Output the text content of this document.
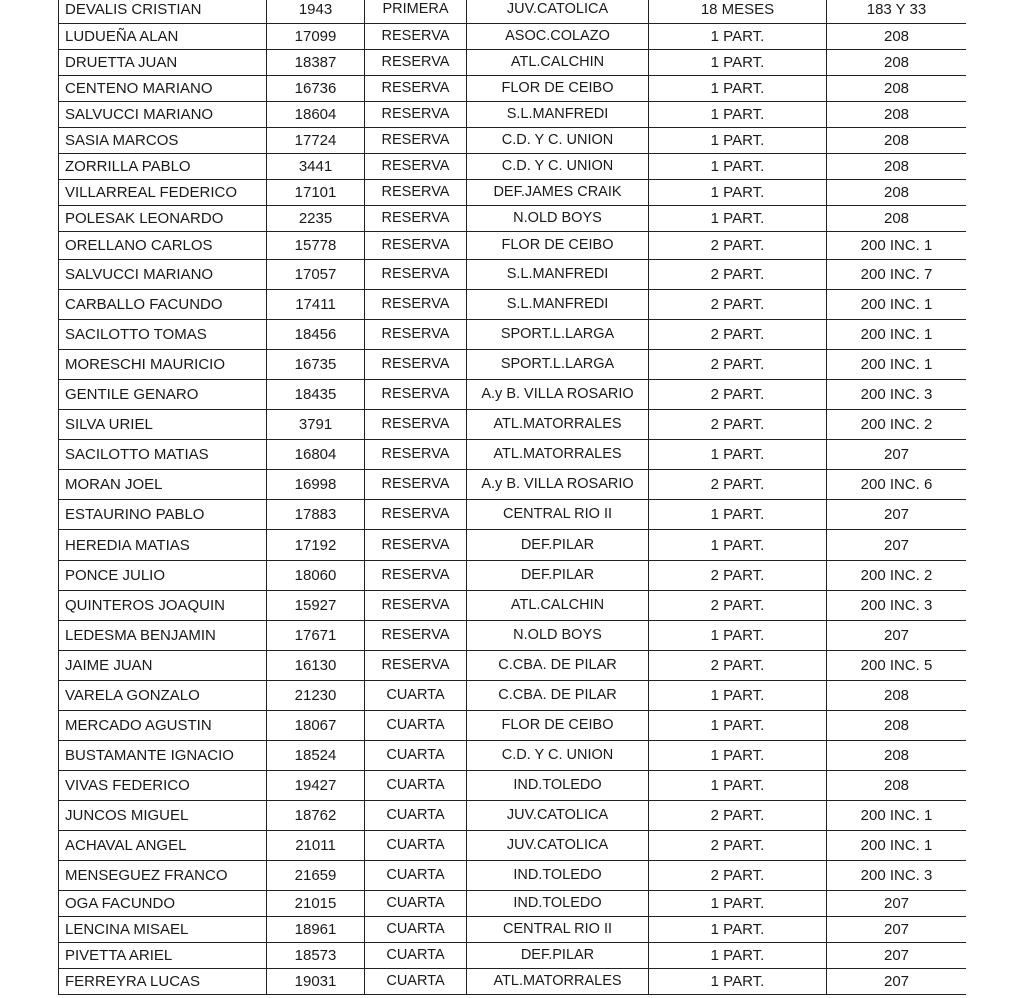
DEVALIS CRISTIAN	1943	PRIMERA	JUV.CATOLICA	18 MESES	183 Y 33
LUDUEÑA ALAN	17099	RESERVA	ASOC.COLAZO	1 PART.	208
DRUETTA JUAN	18387	RESERVA	ATL.CALCHIN	1 PART.	208
CENTENO MARIANO	16736	RESERVA	FLOR DE CEIBO	1 PART.	208
SALVUCCI MARIANO	18604	RESERVA	S.L.MANFREDI	1 PART.	208
SASIA MARCOS	17724	RESERVA	C.D. Y C. UNION	1 PART.	208
ZORRILLA PABLO	3441	RESERVA	C.D. Y C. UNION	1 PART.	208
VILLARREAL FEDERICO	17101	RESERVA	DEF.JAMES CRAIK	1 PART.	208
POLESAK LEONARDO	2235	RESERVA	N.OLD BOYS	1 PART.	208
ORELLANO CARLOS	15778	RESERVA	FLOR DE CEIBO	2 PART.	200 INC. 1
SALVUCCI MARIANO	17057	RESERVA	S.L.MANFREDI	2 PART.	200 INC. 7
CARBALLO FACUNDO	17411	RESERVA	S.L.MANFREDI	2 PART.	200 INC. 1
SACILOTTO TOMAS	18456	RESERVA	SPORT.L.LARGA	2 PART.	200 INC. 1
MORESCHI MAURICIO	16735	RESERVA	SPORT.L.LARGA	2 PART.	200 INC. 1
GENTILE GENARO	18435	RESERVA	A.y B. VILLA ROSARIO	2 PART.	200 INC. 3
SILVA URIEL	3791	RESERVA	ATL.MATORRALES	2 PART.	200 INC. 2
SACILOTTO MATIAS	16804	RESERVA	ATL.MATORRALES	1 PART.	207
MORAN JOEL	16998	RESERVA	A.y B. VILLA ROSARIO	2 PART.	200 INC. 6
ESTAURINO PABLO	17883	RESERVA	CENTRAL RIO II	1 PART.	207
HEREDIA MATIAS	17192	RESERVA	DEF.PILAR	1 PART.	207
PONCE JULIO	18060	RESERVA	DEF.PILAR	2 PART.	200 INC. 2
QUINTEROS JOAQUIN	15927	RESERVA	ATL.CALCHIN	2 PART.	200 INC. 3
LEDESMA BENJAMIN	17671	RESERVA	N.OLD BOYS	1 PART.	207
JAIME JUAN	16130	RESERVA	C.CBA. DE PILAR	2 PART.	200 INC. 5
VARELA GONZALO	21230	CUARTA	C.CBA. DE PILAR	1 PART.	208
MERCADO AGUSTIN	18067	CUARTA	FLOR DE CEIBO	1 PART.	208
BUSTAMANTE IGNACIO	18524	CUARTA	C.D. Y C. UNION	1 PART.	208
VIVAS FEDERICO	19427	CUARTA	IND.TOLEDO	1 PART.	208
JUNCOS MIGUEL	18762	CUARTA	JUV.CATOLICA	2 PART.	200 INC. 1
ACHAVAL ANGEL	21011	CUARTA	JUV.CATOLICA	2 PART.	200 INC. 1
MENSEGUEZ FRANCO	21659	CUARTA	IND.TOLEDO	2 PART.	200 INC. 3
OGA FACUNDO	21015	CUARTA	IND.TOLEDO	1 PART.	207
LENCINA MISAEL	18961	CUARTA	CENTRAL RIO II	1 PART.	207
PIVETTA ARIEL	18573	CUARTA	DEF.PILAR	1 PART.	207
FERREYRA LUCAS	19031	CUARTA	ATL.MATORRALES	1 PART.	207
